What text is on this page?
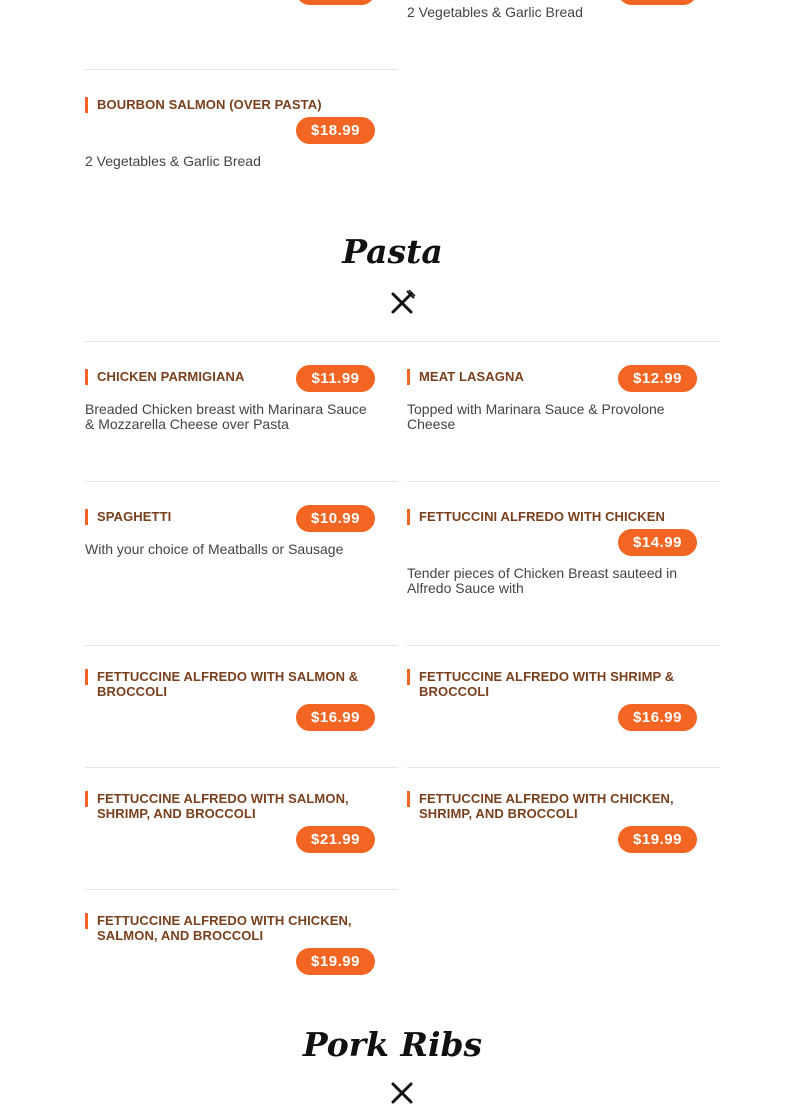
2 Vegetables & Garlic Bread
BOURBON SALMON (OVER PASTA)
$18.99
2 Vegetables & Garlic Bread
Pasta
CHICKEN PARMIGIANA	$11.99
Breaded Chicken breast with Marinara Sauce & Mozzarella Cheese over Pasta
MEAT LASAGNA	$12.99
Topped with Marinara Sauce & Provolone Cheese
SPAGHETTI	$10.99
With your choice of Meatballs or Sausage
FETTUCCINI ALFREDO WITH CHICKEN
$14.99
Tender pieces of Chicken Breast sauteed in Alfredo Sauce with
FETTUCCINE ALFREDO WITH SALMON & BROCCOLI
$16.99
FETTUCCINE ALFREDO WITH SHRIMP & BROCCOLI
$16.99
FETTUCCINE ALFREDO WITH SALMON, SHRIMP, AND BROCCOLI
$21.99
FETTUCCINE ALFREDO WITH CHICKEN, SHRIMP, AND BROCCOLI
$19.99
FETTUCCINE ALFREDO WITH CHICKEN, SALMON, AND BROCCOLI
$19.99
Pork Ribs
